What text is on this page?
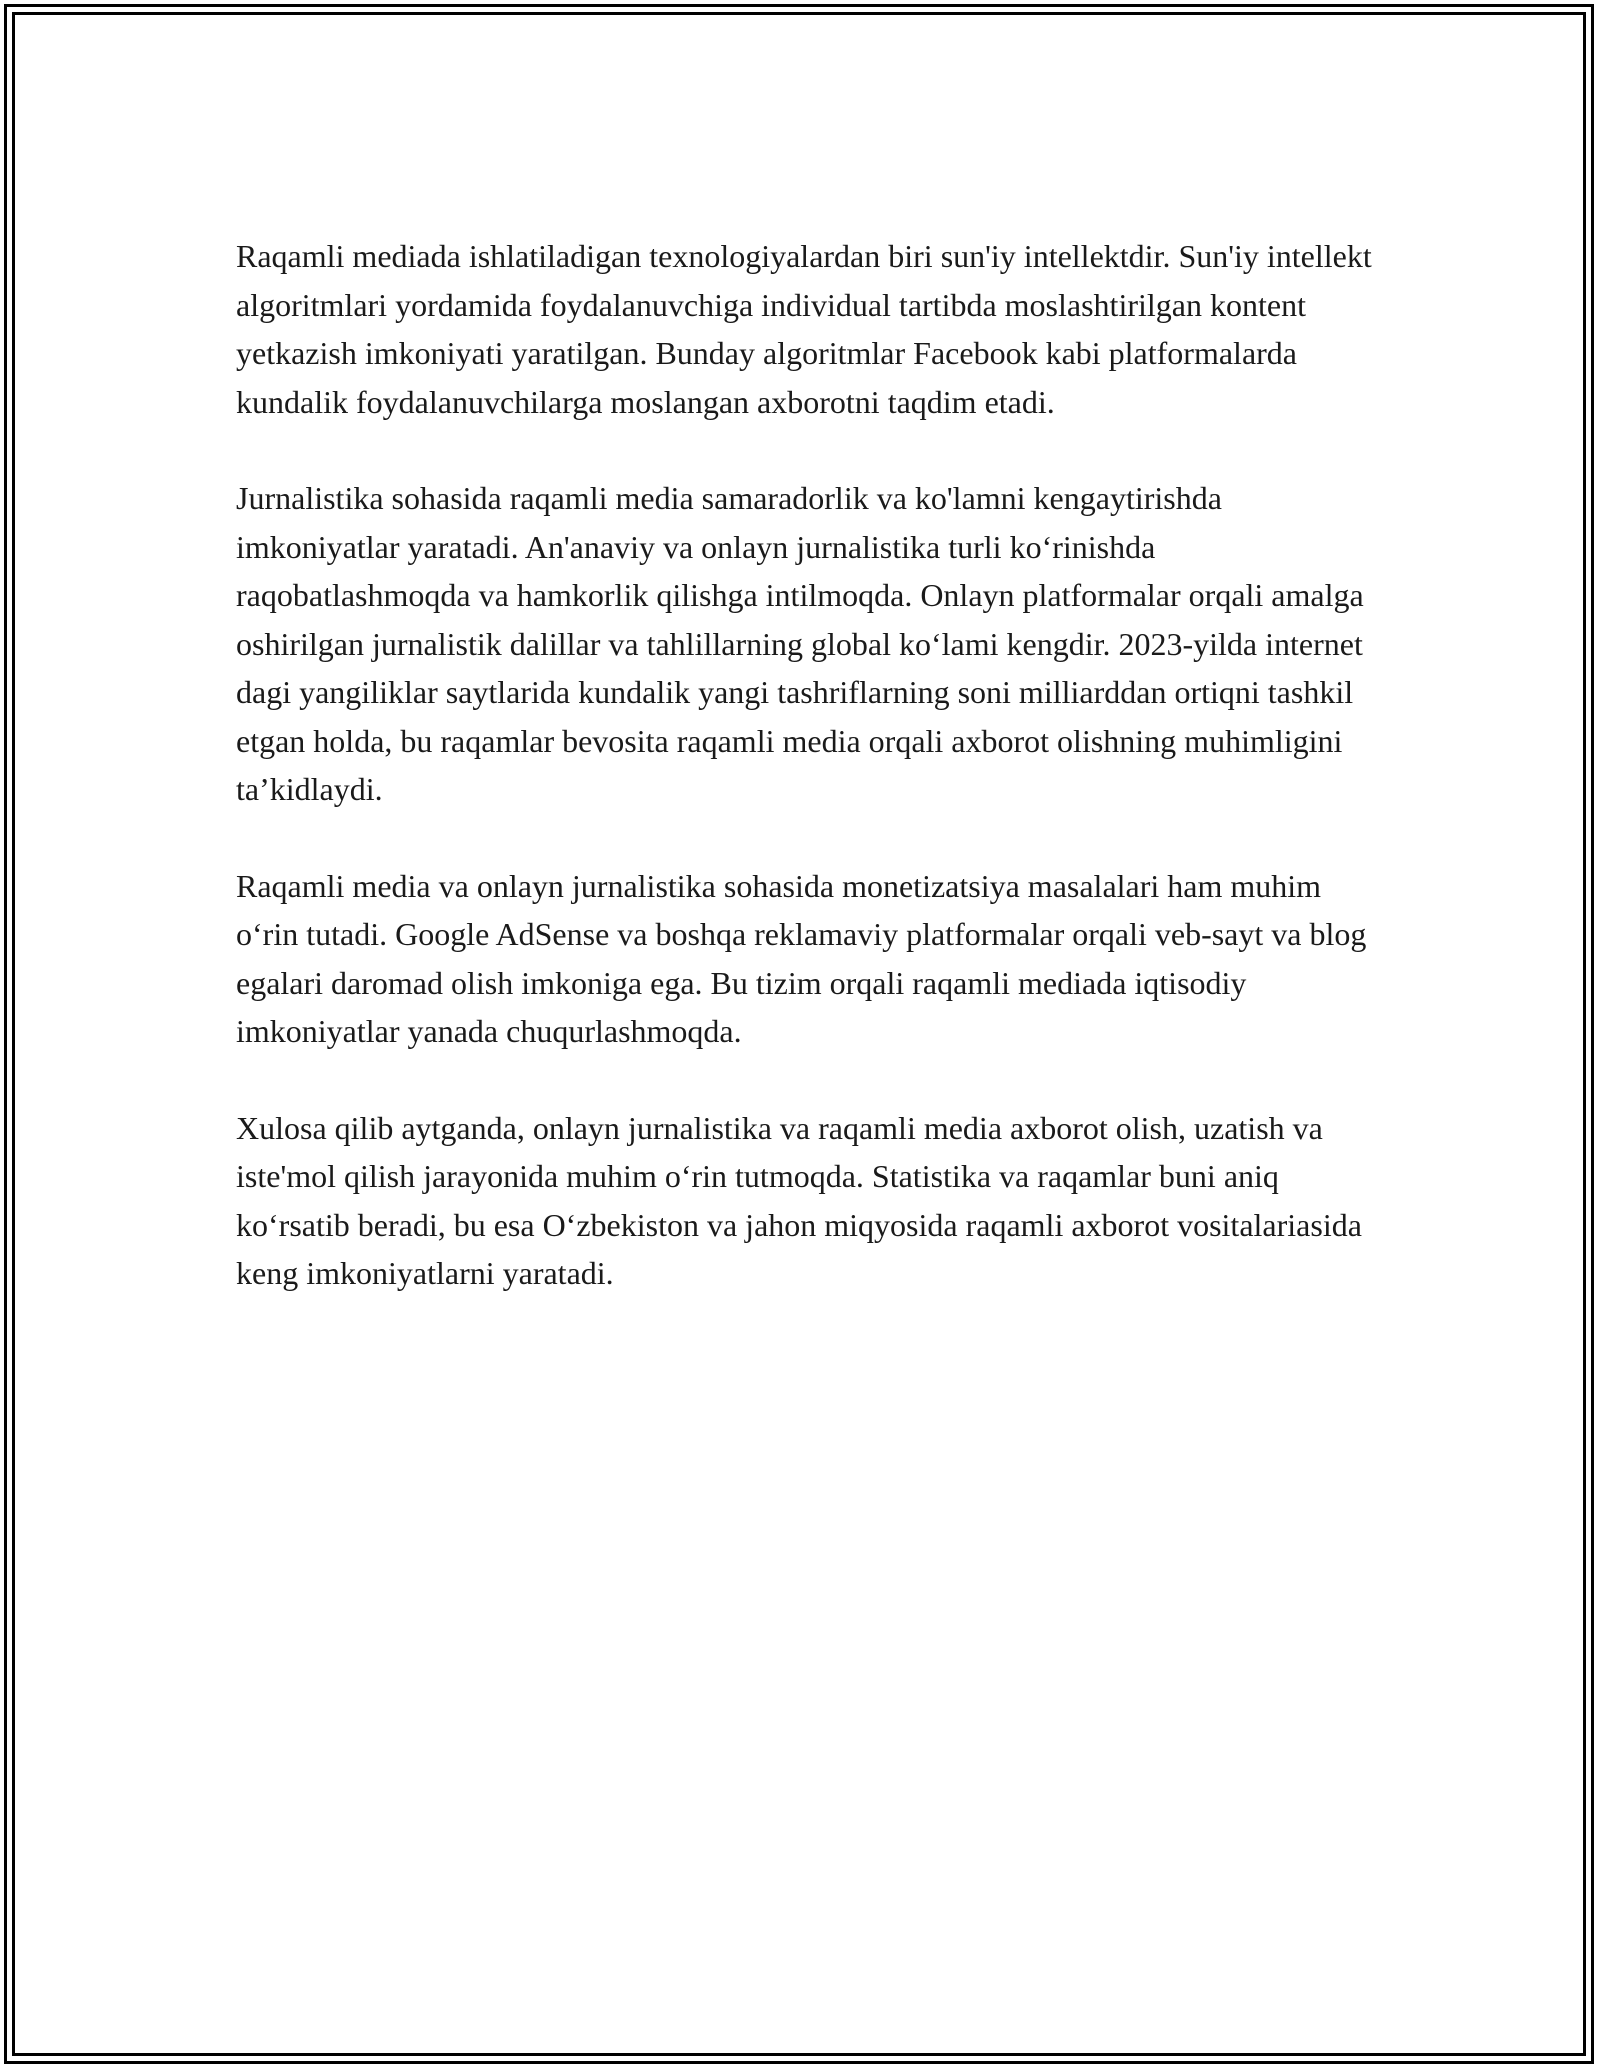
Raqamli mediada ishlatiladigan texnologiyalardan biri sun'iy intellektdir. Sun'iy intellekt algoritmlari yordamida foydalanuvchiga individual tartibda moslashtirilgan kontent yetkazish imkoniyati yaratilgan. Bunday algoritmlar Facebook kabi platformalarda kundalik foydalanuvchilarga moslangan axborotni taqdim etadi.

Jurnalistika sohasida raqamli media samaradorlik va ko'lamni kengaytirishda imkoniyatlar yaratadi. An'anaviy va onlayn jurnalistika turli koʻrinishda raqobatlashmoqda va hamkorlik qilishga intilmoqda. Onlayn platformalar orqali amalga oshirilgan jurnalistik dalillar va tahlillarning global koʻlami kengdir. 2023-yilda internet dagi yangiliklar saytlarida kundalik yangi tashriflarning soni milliarddan ortiqni tashkil etgan holda, bu raqamlar bevosita raqamli media orqali axborot olishning muhimligini ta’kidlaydi.

Raqamli media va onlayn jurnalistika sohasida monetizatsiya masalalari ham muhim oʻrin tutadi. Google AdSense va boshqa reklamaviy platformalar orqali veb-sayt va blog egalari daromad olish imkoniga ega. Bu tizim orqali raqamli mediada iqtisodiy imkoniyatlar yanada chuqurlashmoqda.

Xulosa qilib aytganda, onlayn jurnalistika va raqamli media axborot olish, uzatish va iste'mol qilish jarayonida muhim oʻrin tutmoqda. Statistika va raqamlar buni aniq koʻrsatib beradi, bu esa Oʻzbekiston va jahon miqyosida raqamli axborot vositalariasida keng imkoniyatlarni yaratadi.
